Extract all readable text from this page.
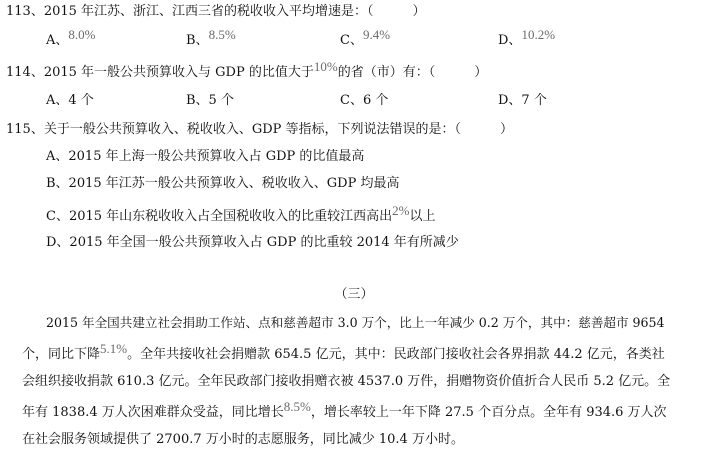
113、2015 年江苏、浙江、江西三省的税收收入平均增速是：（　　　）
A、8.0%	B、8.5%	C、9.4%	D、10.2%
114、2015 年一般公共预算收入与 GDP 的比值大于10%的省（市）有：（　　　）
A、4 个	B、5 个	C、6 个	D、7 个
115、关于一般公共预算收入、税收收入、GDP 等指标，下列说法错误的是：（　　　）
A、2015 年上海一般公共预算收入占 GDP 的比值最高
B、2015 年江苏一般公共预算收入、税收收入、GDP 均最高
C、2015 年山东税收收入占全国税收收入的比重较江西高出2%以上
D、2015 年全国一般公共预算收入占 GDP 的比重较 2014 年有所减少
（三）
2015 年全国共建立社会捐助工作站、点和慈善超市 3.0 万个，比上一年减少 0.2 万个，其中：慈善超市 9654
个，同比下降5.1%。全年共接收社会捐赠款 654.5 亿元，其中：民政部门接收社会各界捐款 44.2 亿元，各类社
会组织接收捐款 610.3 亿元。全年民政部门接收捐赠衣被 4537.0 万件，捐赠物资价值折合人民币 5.2 亿元。全
年有 1838.4 万人次困难群众受益，同比增长8.5%，增长率较上一年下降 27.5 个百分点。全年有 934.6 万人次
在社会服务领域提供了 2700.7 万小时的志愿服务，同比减少 10.4 万小时。
